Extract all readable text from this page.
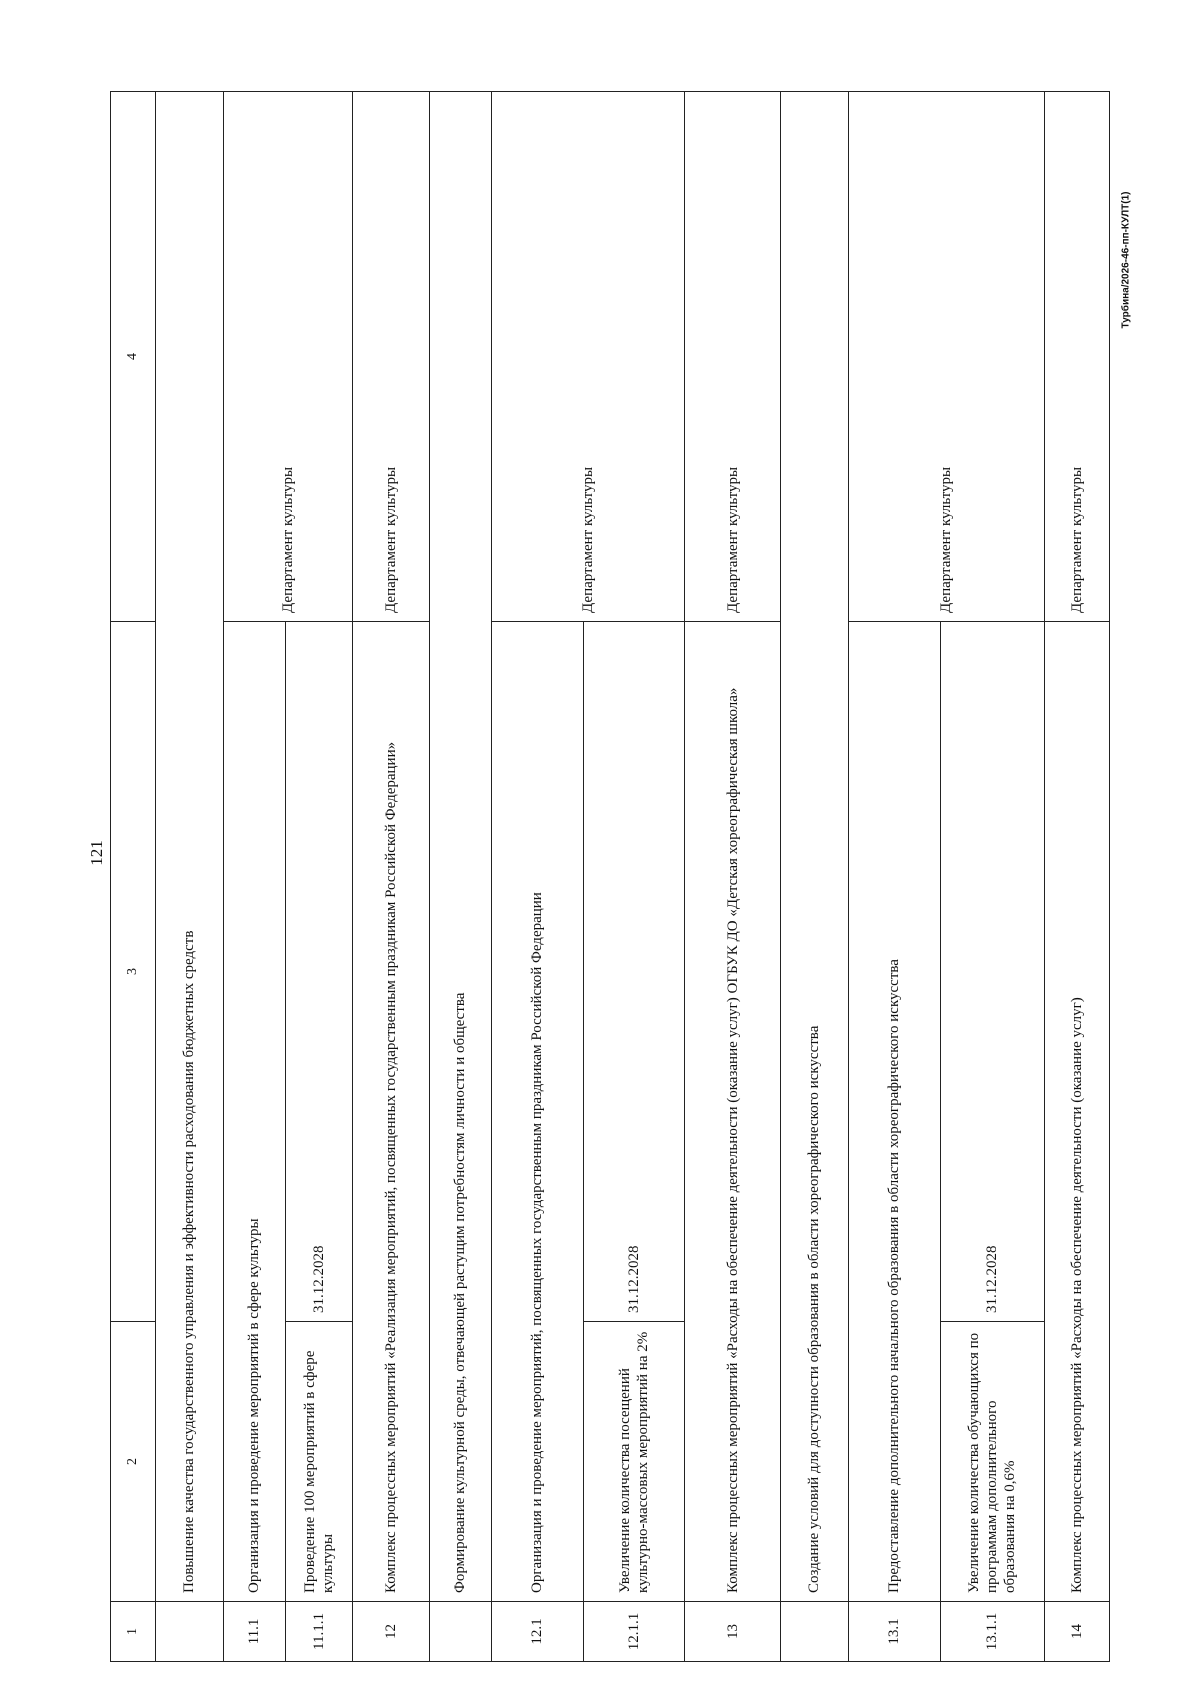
121
Турбина/2026-46-пп-КУЛТ(1)
1	2	3	4
	Повышение качества государственного управления и эффективности расходования бюджетных средств		
11.1	Организация и проведение мероприятий в сфере культуры		Департамент культуры
11.1.1	Проведение 100 мероприятий в сфере культуры	31.12.2028	
12	Комплекс процессных мероприятий «Реализация мероприятий, посвященных государственным праздникам Российской Федерации»		Департамент культуры
	Формирование культурной среды, отвечающей растущим потребностям личности и общества		
12.1	Организация и проведение мероприятий, посвященных государственным праздникам Российской Федерации		Департамент культуры
12.1.1	Увеличение количества посещений культурно-массовых мероприятий на 2%	31.12.2028	
13	Комплекс процессных мероприятий «Расходы на обеспечение деятельности (оказание услуг) ОГБУК ДО «Детская хореографическая школа»		Департамент культуры
	Создание условий для доступности образования в области хореографического искусства		
13.1	Предоставление дополнительного начального образования в области хореографического искусства		Департамент культуры
13.1.1	Увеличение количества обучающихся по программам дополнительного образования на 0,6%	31.12.2028	
14	Комплекс процессных мероприятий «Расходы на обеспечение деятельности (оказание услуг)		Департамент культуры
